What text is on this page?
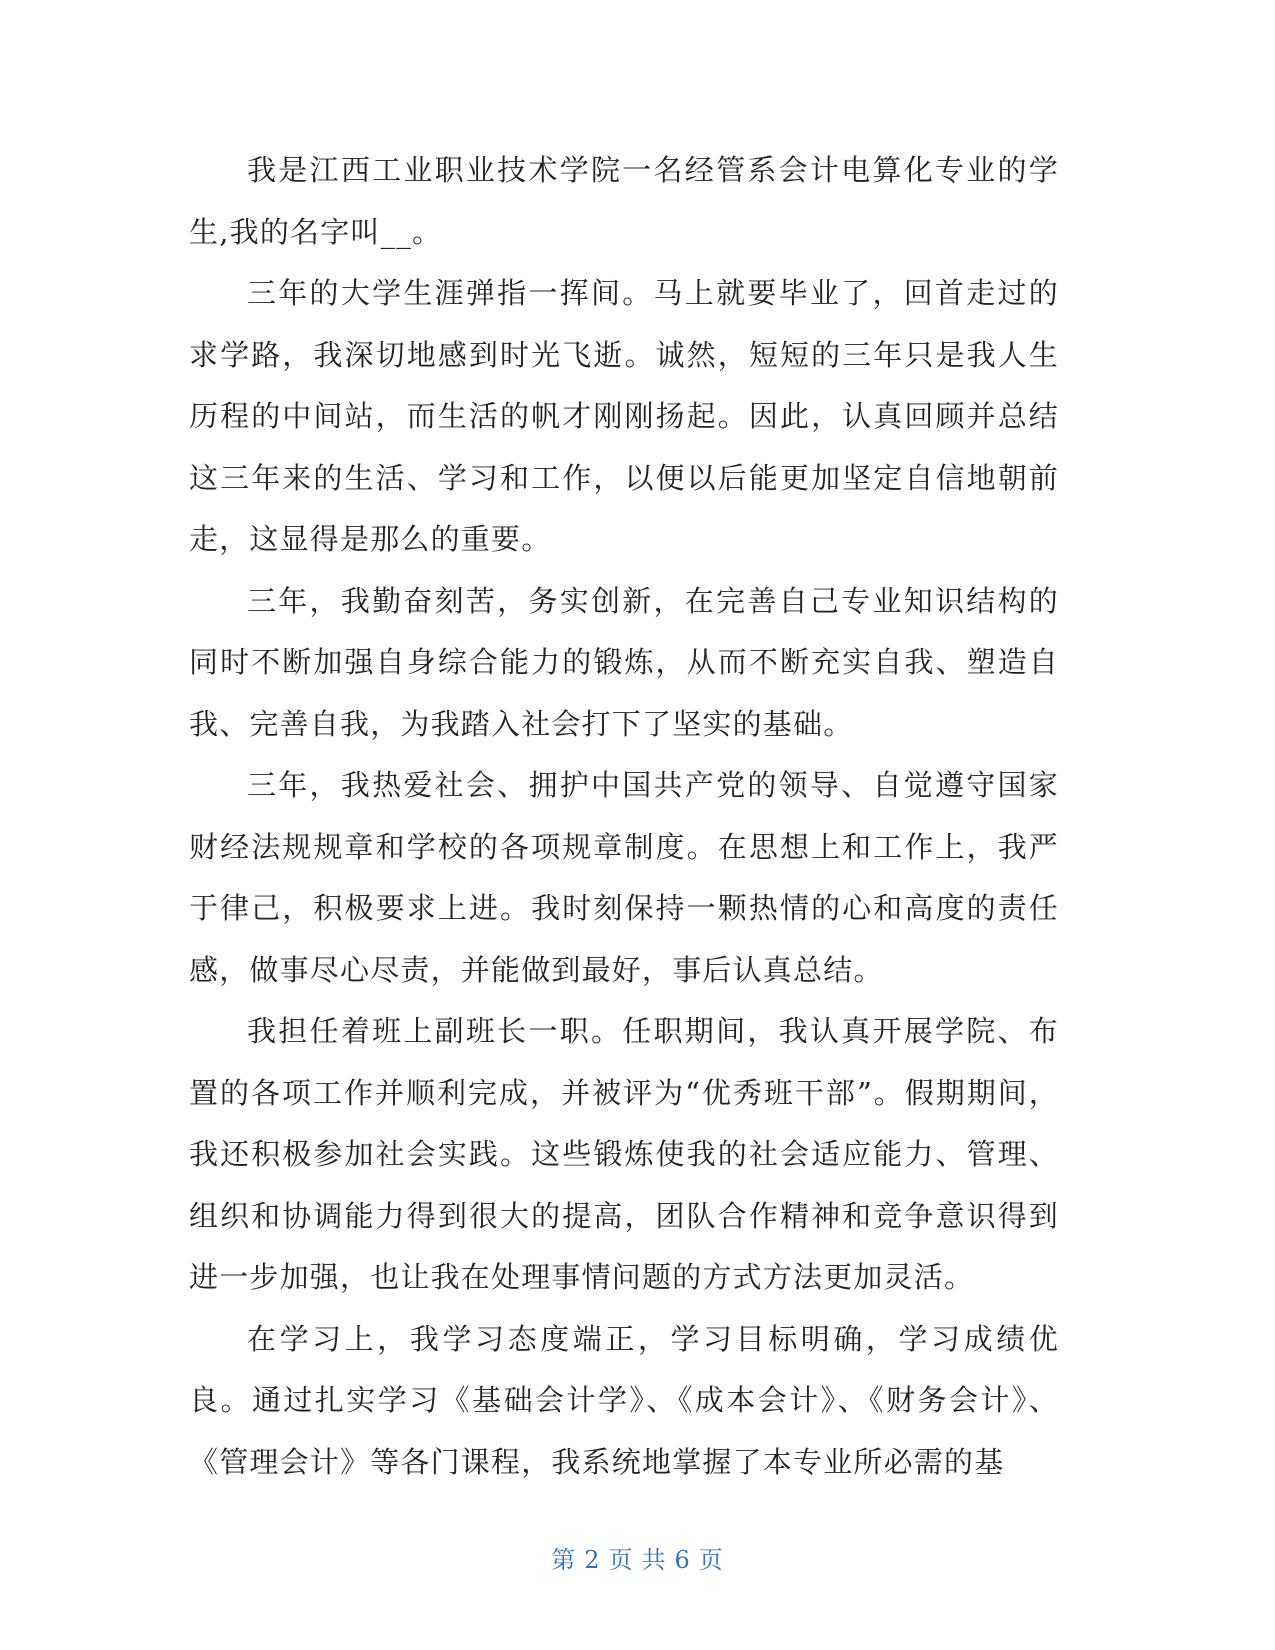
我是江西工业职业技术学院一名经管系会计电算化专业的学生,我的名字叫__。

三年的大学生涯弹指一挥间。马上就要毕业了，回首走过的求学路，我深切地感到时光飞逝。诚然，短短的三年只是我人生历程的中间站，而生活的帆才刚刚扬起。因此，认真回顾并总结这三年来的生活、学习和工作，以便以后能更加坚定自信地朝前走，这显得是那么的重要。

三年，我勤奋刻苦，务实创新，在完善自己专业知识结构的同时不断加强自身综合能力的锻炼，从而不断充实自我、塑造自我、完善自我，为我踏入社会打下了坚实的基础。

三年，我热爱社会、拥护中国共产党的领导、自觉遵守国家财经法规规章和学校的各项规章制度。在思想上和工作上，我严于律己，积极要求上进。我时刻保持一颗热情的心和高度的责任感，做事尽心尽责，并能做到最好，事后认真总结。

我担任着班上副班长一职。任职期间，我认真开展学院、布置的各项工作并顺利完成，并被评为“优秀班干部”。假期期间，我还积极参加社会实践。这些锻炼使我的社会适应能力、管理、组织和协调能力得到很大的提高，团队合作精神和竞争意识得到进一步加强，也让我在处理事情问题的方式方法更加灵活。

在学习上，我学习态度端正，学习目标明确，学习成绩优良。通过扎实学习《基础会计学》、《成本会计》、《财务会计》、《管理会计》等各门课程，我系统地掌握了本专业所必需的基

第 2 页 共 6 页
